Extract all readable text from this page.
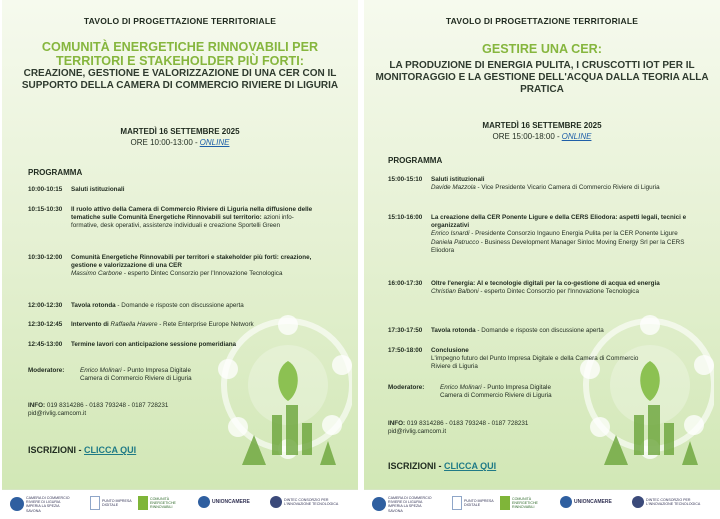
TAVOLO DI PROGETTAZIONE TERRITORIALE
COMUNITÀ ENERGETICHE RINNOVABILI PER TERRITORI E STAKEHOLDER PIÙ FORTI:
CREAZIONE, GESTIONE E VALORIZZAZIONE DI UNA CER CON IL SUPPORTO DELLA CAMERA DI COMMERCIO RIVIERE DI LIGURIA
MARTEDÌ 16 SETTEMBRE 2025
ORE 10:00-13:00 - ONLINE
PROGRAMMA
10:00-10:15	Saluti istituzionali
10:15-10:30	Il ruolo attivo della Camera di Commercio Riviere di Liguria nella diffusione delle tematiche sulle Comunità Energetiche Rinnovabili sul territorio: azioni info-formative, desk operativi, assistenze individuali e creazione Sportelli Green
10:30-12:00	Comunità Energetiche Rinnovabili per territori e stakeholder più forti: creazione, gestione e valorizzazione di una CER
Massimo Carbone - esperto Dintec Consorzio per l'Innovazione Tecnologica
12:00-12:30	Tavola rotonda - Domande e risposte con discussione aperta
12:30-12:45	Intervento di Raffaella Havere - Rete Enterprise Europe Network
12:45-13:00	Termine lavori con anticipazione sessione pomeridiana
Moderatore:	Enrico Molinari - Punto Impresa Digitale
Camera di Commercio Riviere di Liguria
INFO: 019 8314286 - 0183 793248 - 0187 728231
pid@rivlig.camcom.it
ISCRIZIONI - CLICCA QUI
CAMERA DI COMMERCIO RIVIERE DI LIGURIA IMPERIA LA SPEZIA SAVONA
PUNTO IMPRESA DIGITALE
COMUNITÀ ENERGETICHE RINNOVABILI
UNIONCAMERE	DINTEC CONSORZIO PER L'INNOVAZIONE TECNOLOGICA
TAVOLO DI PROGETTAZIONE TERRITORIALE
GESTIRE UNA CER:
LA PRODUZIONE DI ENERGIA PULITA, I CRUSCOTTI IOT PER IL MONITORAGGIO E LA GESTIONE DELL'ACQUA DALLA TEORIA ALLA PRATICA
MARTEDÌ 16 SETTEMBRE 2025
ORE 15:00-18:00 - ONLINE
PROGRAMMA
15:00-15:10	Saluti istituzionali
Davide Mazzola - Vice Presidente Vicario Camera di Commercio Riviere di Liguria
15:10-16:00	La creazione della CER Ponente Ligure e della CERS Eliodora: aspetti legali, tecnici e organizzativi
Enrico Isnardi - Presidente Consorzio Ingauno Energia Pulita per la CER Ponente Ligure
Daniela Patrucco - Business Development Manager Sinloc Moving Energy Srl per la CERS Eliodora
16:00-17:30	Oltre l'energia: AI e tecnologie digitali per la co-gestione di acqua ed energia
Christian Balboni - esperto Dintec Consorzio per l'Innovazione Tecnologica
17:30-17:50	Tavola rotonda - Domande e risposte con discussione aperta
17:50-18:00	Conclusione
L'impegno futuro del Punto Impresa Digitale e della Camera di Commercio Riviere di Liguria
Moderatore:	Enrico Molinari - Punto Impresa Digitale
Camera di Commercio Riviere di Liguria
INFO: 019 8314286 - 0183 793248 - 0187 728231
pid@rivlig.camcom.it
ISCRIZIONI - CLICCA QUI
CAMERA DI COMMERCIO RIVIERE DI LIGURIA IMPERIA LA SPEZIA SAVONA
PUNTO IMPRESA DIGITALE
COMUNITÀ ENERGETICHE RINNOVABILI
UNIONCAMERE	DINTEC CONSORZIO PER L'INNOVAZIONE TECNOLOGICA
